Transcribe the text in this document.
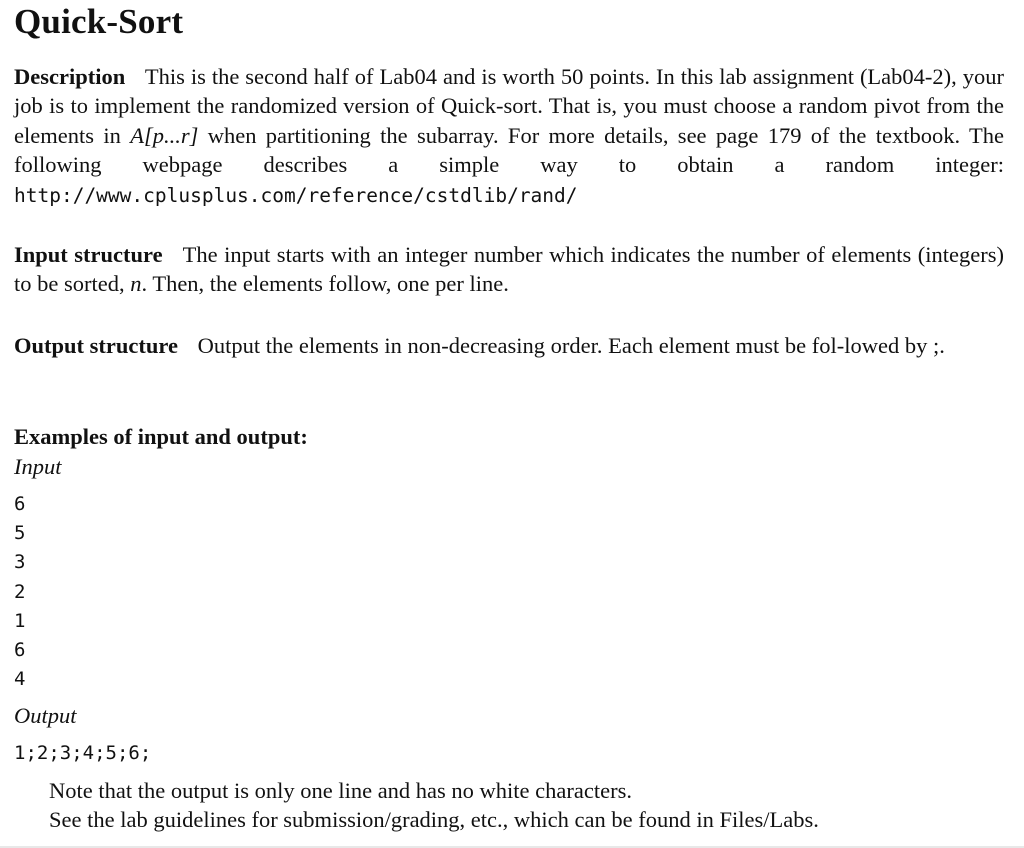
Quick-Sort
Description This is the second half of Lab04 and is worth 50 points. In this lab assignment (Lab04-2), your job is to implement the randomized version of Quick-sort. That is, you must choose a random pivot from the elements in A[p...r] when partitioning the subarray. For more details, see page 179 of the textbook. The following webpage describes a simple way to obtain a random integer: http://www.cplusplus.com/reference/cstdlib/rand/
Input structure The input starts with an integer number which indicates the number of elements (integers) to be sorted, n. Then, the elements follow, one per line.
Output structure Output the elements in non-decreasing order. Each element must be fol-lowed by ;.
Examples of input and output:
Input
6
5
3
2
1
6
4
Output
1;2;3;4;5;6;
Note that the output is only one line and has no white characters.
See the lab guidelines for submission/grading, etc., which can be found in Files/Labs.
